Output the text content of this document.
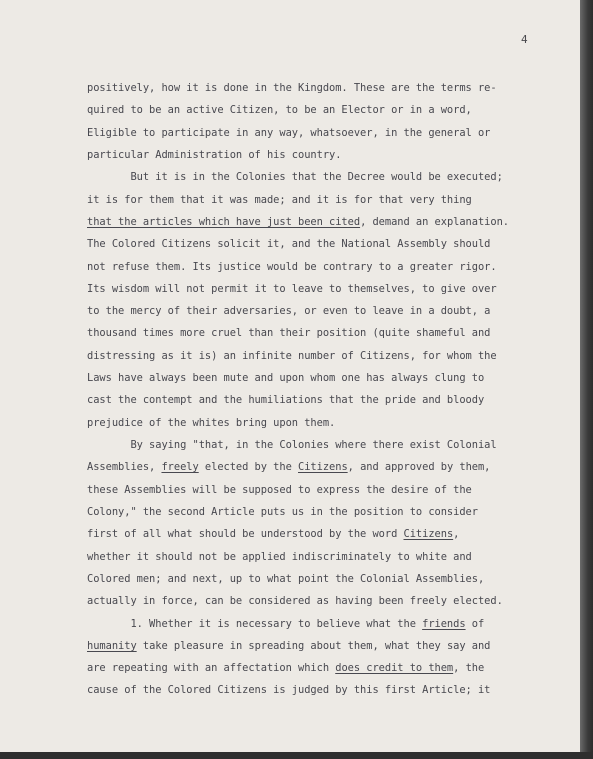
4
positively, how it is done in the Kingdom. These are the terms re-
quired to be an active Citizen, to be an Elector or in a word,
Eligible to participate in any way, whatsoever, in the general or
particular Administration of his country.
But it is in the Colonies that the Decree would be executed;
it is for them that it was made; and it is for that very thing
that the articles which have just been cited, demand an explanation.
The Colored Citizens solicit it, and the National Assembly should
not refuse them. Its justice would be contrary to a greater rigor.
Its wisdom will not permit it to leave to themselves, to give over
to the mercy of their adversaries, or even to leave in a doubt, a
thousand times more cruel than their position (quite shameful and
distressing as it is) an infinite number of Citizens, for whom the
Laws have always been mute and upon whom one has always clung to
cast the contempt and the humiliations that the pride and bloody
prejudice of the whites bring upon them.
By saying "that, in the Colonies where there exist Colonial
Assemblies, freely elected by the Citizens, and approved by them,
these Assemblies will be supposed to express the desire of the
Colony," the second Article puts us in the position to consider
first of all what should be understood by the word Citizens,
whether it should not be applied indiscriminately to white and
Colored men; and next, up to what point the Colonial Assemblies,
actually in force, can be considered as having been freely elected.
1. Whether it is necessary to believe what the friends of
humanity take pleasure in spreading about them, what they say and
are repeating with an affectation which does credit to them, the
cause of the Colored Citizens is judged by this first Article; it
